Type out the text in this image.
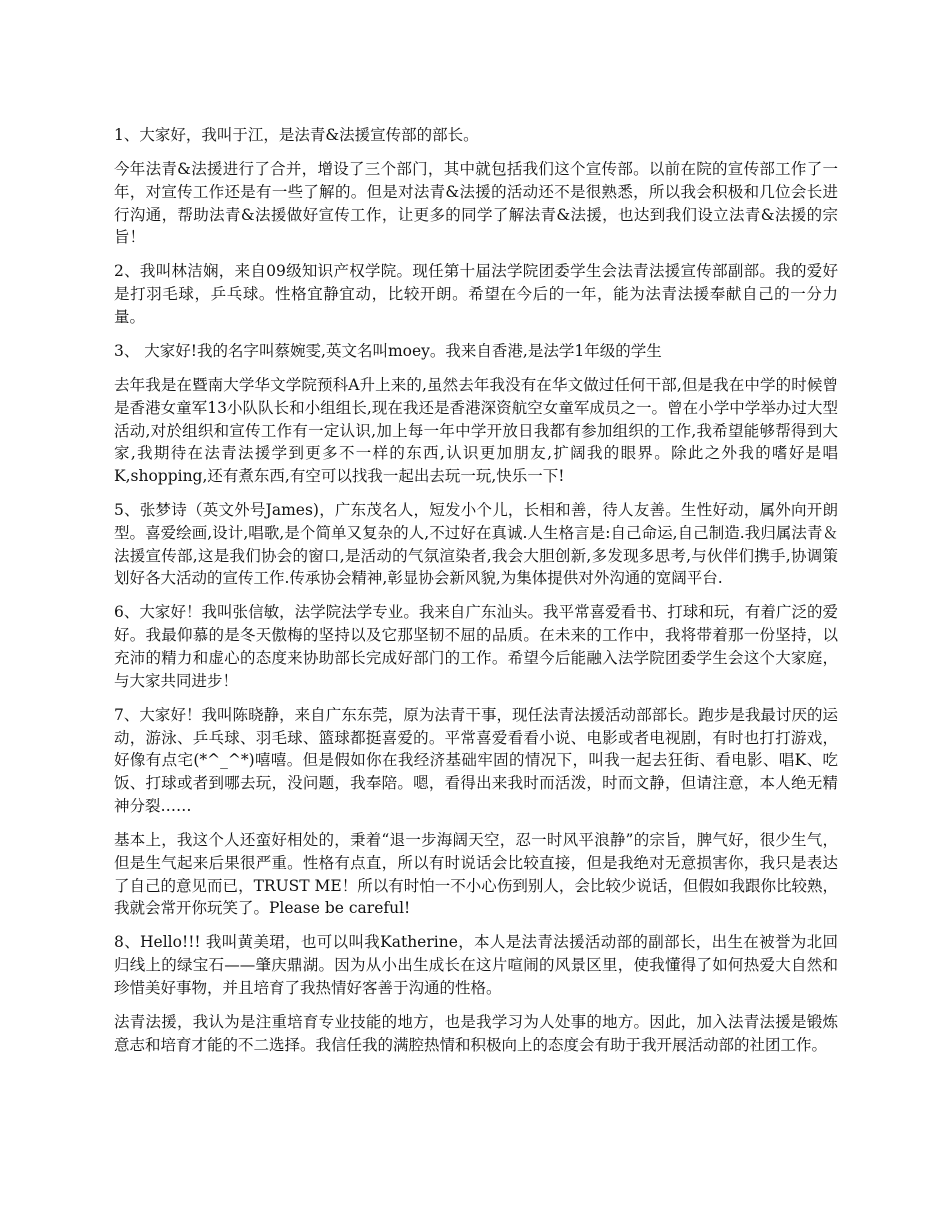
1、大家好，我叫于江，是法青&法援宣传部的部长。

今年法青&法援进行了合并，增设了三个部门，其中就包括我们这个宣传部。以前在院的宣传部工作了一年，对宣传工作还是有一些了解的。但是对法青&法援的活动还不是很熟悉，所以我会积极和几位会长进行沟通，帮助法青&法援做好宣传工作，让更多的同学了解法青&法援，也达到我们设立法青&法援的宗旨！

2、我叫林洁娴，来自09级知识产权学院。现任第十届法学院团委学生会法青法援宣传部副部。我的爱好是打羽毛球，乒乓球。性格宜静宜动，比较开朗。希望在今后的一年，能为法青法援奉献自己的一分力量。

3、 大家好!我的名字叫蔡婉雯,英文名叫moey。我来自香港,是法学1年级的学生

去年我是在暨南大学华文学院预科A升上来的,虽然去年我没有在华文做过任何干部,但是我在中学的时候曾是香港女童军13小队队长和小组组长,现在我还是香港深资航空女童军成员之一。曾在小学中学举办过大型活动,对於组织和宣传工作有一定认识,加上每一年中学开放日我都有参加组织的工作,我希望能够帮得到大家,我期待在法青法援学到更多不一样的东西,认识更加朋友,扩阔我的眼界。除此之外我的嗜好是唱K,shopping,还有煮东西,有空可以找我一起出去玩一玩,快乐一下!

5、张梦诗（英文外号James)，广东茂名人，短发小个儿，长相和善，待人友善。生性好动，属外向开朗型。喜爱绘画,设计,唱歌,是个简单又复杂的人,不过好在真诚.人生格言是:自己命运,自己制造.我归属法青＆法援宣传部,这是我们协会的窗口,是活动的气氛渲染者,我会大胆创新,多发现多思考,与伙伴们携手,协调策划好各大活动的宣传工作.传承协会精神,彰显协会新风貌,为集体提供对外沟通的宽阔平台.

6、大家好！我叫张信敏，法学院法学专业。我来自广东汕头。我平常喜爱看书、打球和玩，有着广泛的爱好。我最仰慕的是冬天傲梅的坚持以及它那坚韧不屈的品质。在未来的工作中，我将带着那一份坚持，以充沛的精力和虚心的态度来协助部长完成好部门的工作。希望今后能融入法学院团委学生会这个大家庭，与大家共同进步！

7、大家好！我叫陈晓静，来自广东东莞，原为法青干事，现任法青法援活动部部长。跑步是我最讨厌的运动，游泳、乒乓球、羽毛球、篮球都挺喜爱的。平常喜爱看看小说、电影或者电视剧，有时也打打游戏，好像有点宅(*^_^*)嘻嘻。但是假如你在我经济基础牢固的情况下，叫我一起去狂街、看电影、唱K、吃饭、打球或者到哪去玩，没问题，我奉陪。嗯，看得出来我时而活泼，时而文静，但请注意，本人绝无精神分裂……

基本上，我这个人还蛮好相处的，秉着“退一步海阔天空，忍一时风平浪静”的宗旨，脾气好，很少生气，但是生气起来后果很严重。性格有点直，所以有时说话会比较直接，但是我绝对无意损害你，我只是表达了自己的意见而已，TRUST ME！所以有时怕一不小心伤到别人，会比较少说话，但假如我跟你比较熟，我就会常开你玩笑了。Please be careful!

8、Hello!!! 我叫黄美珺，也可以叫我Katherine，本人是法青法援活动部的副部长，出生在被誉为北回归线上的绿宝石——肇庆鼎湖。因为从小出生成长在这片喧闹的风景区里，使我懂得了如何热爱大自然和珍惜美好事物，并且培育了我热情好客善于沟通的性格。

法青法援，我认为是注重培育专业技能的地方，也是我学习为人处事的地方。因此，加入法青法援是锻炼意志和培育才能的不二选择。我信任我的满腔热情和积极向上的态度会有助于我开展活动部的社团工作。
